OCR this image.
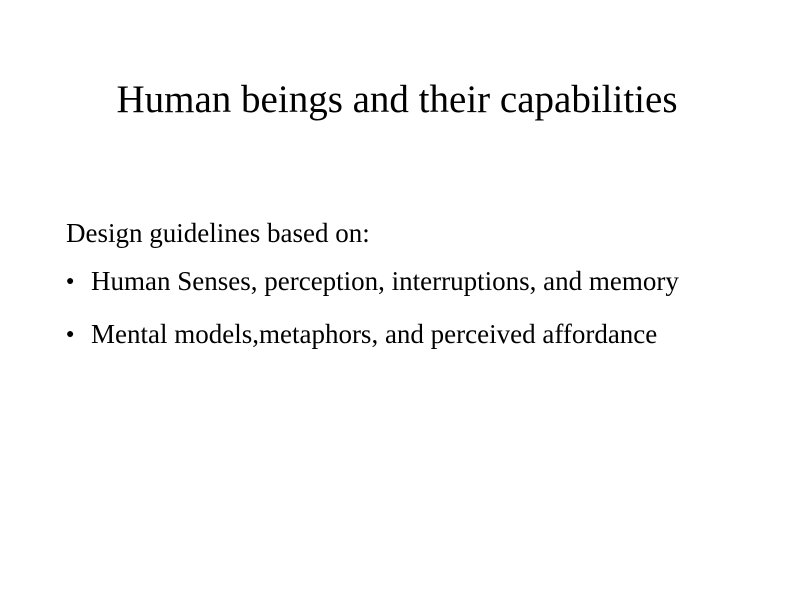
Human beings and their capabilities
Design guidelines based on:
● Human Senses, perception, interruptions, and memory
● Mental models,metaphors, and perceived affordance
